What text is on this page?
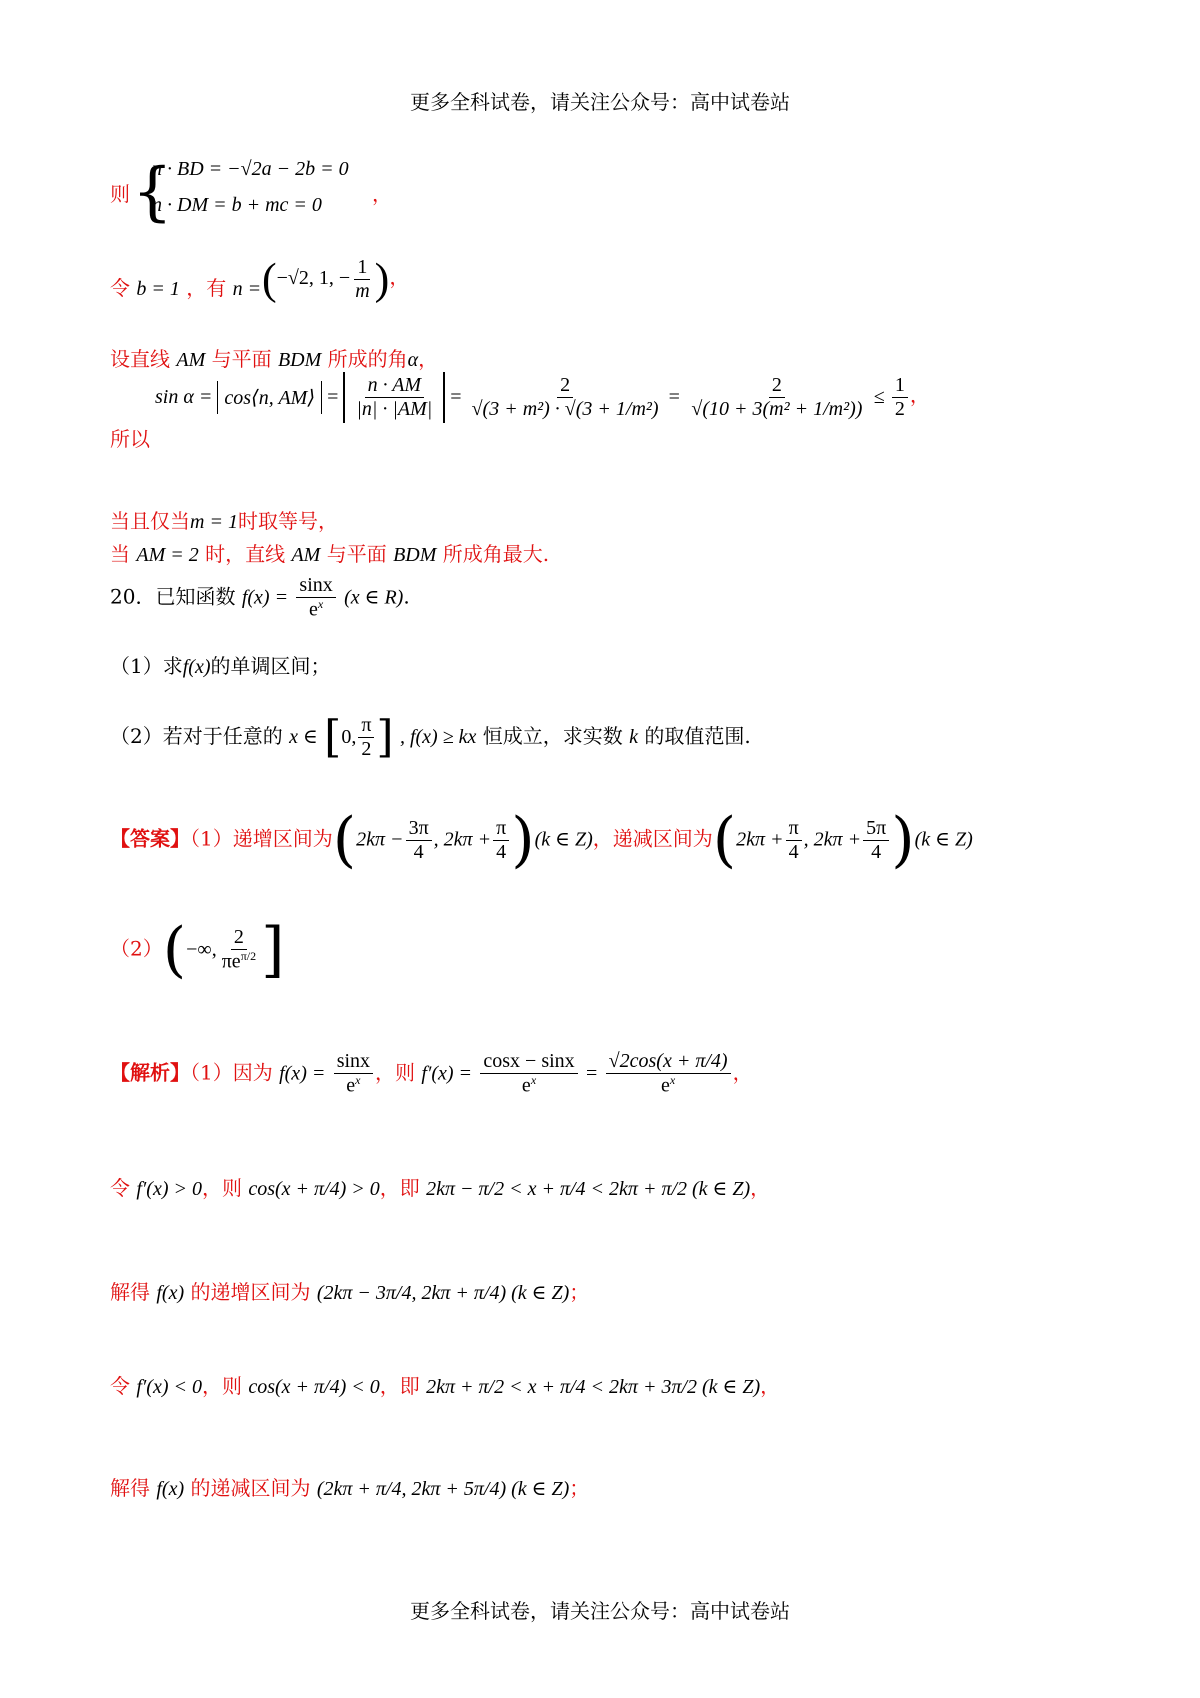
更多全科试卷，请关注公众号：高中试卷站
则 {
n · BD = −√2a − 2b = 0
n · DM = b + mc = 0	，
令 b = 1 ，有 n = (−√2, 1, − $\frac{1}{m}$ )，
设直线 AM 与平面 BDM 所成的角α，
所以
sin α = cos⟨n, AM⟩ = $\frac{n \cdot AM}{|n| \cdot |AM|} = \frac{2}{\text{√(3 + m²) · √(3 + 1/m²)}} = \frac{2}{\text{√(10 + 3(m² + 1/m²))}} \le \frac{1}{2}$ ，
当且仅当m = 1时取等号，
当 AM = 2 时，直线 AM 与平面 BDM 所成角最大.
20．已知函数 $f(x) = \frac{\sin x}{e^x} (x$ ∈ R).
（1）求f(x)的单调区间；
（2）若对于任意的 x ∈ [0, $\frac{\pi}{2}$ ] , f(x) ≥ kx 恒成立，求实数 k 的取值范围.
【答案】（1）递增区间为($2k\pi - \frac{3\pi}{4}$ , $2k\pi + \frac{\pi}{4} )(k$ ∈ Z)，递减区间为($2k\pi + \frac{\pi}{4}$ , $2k\pi + \frac{5\pi}{4} )(k$ ∈ Z)
（2）(−∞,
2
$\pi e^{\pi/2}$ ]
【解析】（1）因为 $f(x) = \frac{\sin x}{e^x}$ ，则 $f'(x) = \frac{\cos x - \sin x}{e^x} = \frac{√2\cos(x + \pi/4)}{e^x}$ ，
令 f′(x) > 0，则 cos(x + π/4) > 0，即 2kπ − π/2 < x + π/4 < 2kπ + π/2 (k ∈ Z)，
解得 f(x) 的递增区间为 (2kπ − 3π/4, 2kπ + π/4) (k ∈ Z)；
令 f′(x) < 0，则 cos(x + π/4) < 0，即 2kπ + π/2 < x + π/4 < 2kπ + 3π/2 (k ∈ Z)，
解得 f(x) 的递减区间为 (2kπ + π/4, 2kπ + 5π/4) (k ∈ Z)；
更多全科试卷，请关注公众号：高中试卷站
